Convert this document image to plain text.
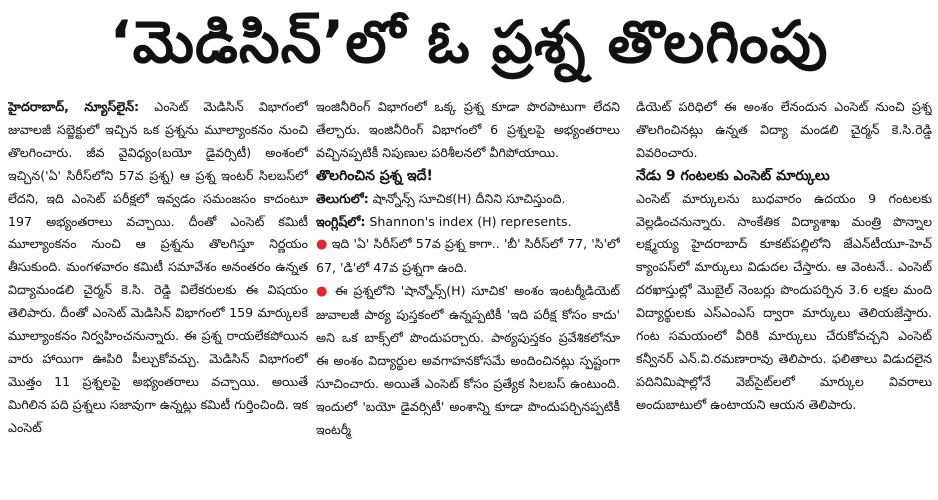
‘మెడిసిన్‌’లో ఓ ప్రశ్న తొలగింపు

హైదరాబాద్‌, న్యూస్‌లైన్‌: ఎంసెట్‌ మెడిసిన్‌ విభాగంలో జువాలజీ సబ్జెక్టులో ఇచ్చిన ఒక ప్రశ్నను మూల్యాంకనం నుంచి తొలగించారు. జీవ వైవిధ్యం(బయో డైవర్సిటీ) అంశంలో ఇచ్చిన('ఏ' సిరీస్‌లోని 57వ ప్రశ్న) ఆ ప్రశ్న ఇంటర్‌ సిలబస్‌లో లేదని, ఇది ఎంసెట్‌ పరీక్షలో ఇవ్వడం సమంజసం కాదంటూ 197 అభ్యంతరాలు వచ్చాయి. దీంతో ఎంసెట్‌ కమిటీ మూల్యాంకనం నుంచి ఆ ప్రశ్నను తొలగిస్తూ నిర్ణయం తీసుకుంది. మంగళవారం కమిటీ సమావేశం అనంతరం ఉన్నత విద్యామండలి చైర్మన్‌ కె.సి. రెడ్డి విలేకరులకు ఈ విషయం తెలిపారు. దీంతో ఎంసెట్‌ మెడిసిన్‌ విభాగంలో 159 మార్కులకే మూల్యాంకనం నిర్వహించనున్నారు. ఈ ప్రశ్న రాయలేకపోయిన వారు హాయిగా ఊపిరి పీల్చుకోవచ్చు. మెడిసిన్‌ విభాగంలో మొత్తం 11 ప్రశ్నలపై అభ్యంతరాలు వచ్చాయి. అయితే మిగిలిన పది ప్రశ్నలు సజావుగా ఉన్నట్లు కమిటీ గుర్తించింది. ఇక ఎంసెట్‌

ఇంజినీరింగ్‌ విభాగంలో ఒక్క ప్రశ్న కూడా పొరపాటుగా లేదని తేల్చారు. ఇంజినీరింగ్‌ విభాగంలో 6 ప్రశ్నలపై అభ్యంతరాలు వచ్చినప్పటికీ నిపుణుల పరిశీలనలో వీగిపోయాయి.

తొలగించిన ప్రశ్న ఇదే!

తెలుగులో: షాన్నోన్స్‌ సూచిక(H) దీనిని సూచిస్తుంది.

ఇంగ్లిష్‌లో: Shannon's index (H) represents.

● ఇది 'ఏ' సిరీస్‌లో 57వ ప్రశ్న కాగా.. 'బీ' సిరీస్‌లో 77, 'సి'లో 67, 'డి'లో 47వ ప్రశ్నగా ఉంది.

● ఈ ప్రశ్నలోని 'షాన్నోన్స్‌(H) సూచిక' అంశం ఇంటర్మీడియెట్‌ జువాలజీ పాఠ్య పుస్తకంలో ఉన్నప్పటికీ 'ఇది పరీక్ష కోసం కాదు' అని ఒక బాక్స్‌లో పొందుపర్చారు. పాఠ్యపుస్తకం ప్రవేశికలోనూ ఈ అంశం విద్యార్థుల అవగాహనకోసమే అందించినట్లు స్పష్టంగా సూచించారు. అయితే ఎంసెట్‌ కోసం ప్రత్యేక సిలబస్‌ ఉంటుంది. ఇందులో 'బయో డైవర్సిటీ' అంశాన్ని కూడా పొందుపర్చినప్పటికీ ఇంటర్మీ

డియెట్‌ పరిధిలో ఈ అంశం లేనందున ఎంసెట్‌ నుంచి ప్రశ్న తొలగించినట్లు ఉన్నత విద్యా మండలి చైర్మన్‌ కె.సి.రెడ్డి వివరించారు.

నేడు 9 గంటలకు ఎంసెట్‌ మార్కులు

ఎంసెట్‌ మార్కులను బుధవారం ఉదయం 9 గంటలకు వెల్లడించనున్నారు. సాంకేతిక విద్యాశాఖ మంత్రి పొన్నాల లక్ష్మయ్య హైదరాబాద్‌ కూకట్‌పల్లిలోని జేఎన్‌టీయూ-హెచ్‌ క్యాంపస్‌లో మార్కులు విడుదల చేస్తారు. ఆ వెంటనే.. ఎంసెట్‌ దరఖాస్తుల్లో మొబైల్‌ నెంబర్లు పొందుపర్చిన 3.6 లక్షల మంది విద్యార్థులకు ఎస్‌ఎంఎస్‌ ద్వారా మార్కులు తెలియజేస్తారు. గంట సమయంలో వీరికి మార్కులు చేరుకోవచ్చని ఎంసెట్‌ కన్వీనర్‌ ఎన్‌.వి.రమణారావు తెలిపారు. ఫలితాలు విడుదలైన పదినిమిషాల్లోనే వెబ్‌సైట్‌లలో మార్కుల వివరాలు అందుబాటులో ఉంటాయని ఆయన తెలిపారు.
